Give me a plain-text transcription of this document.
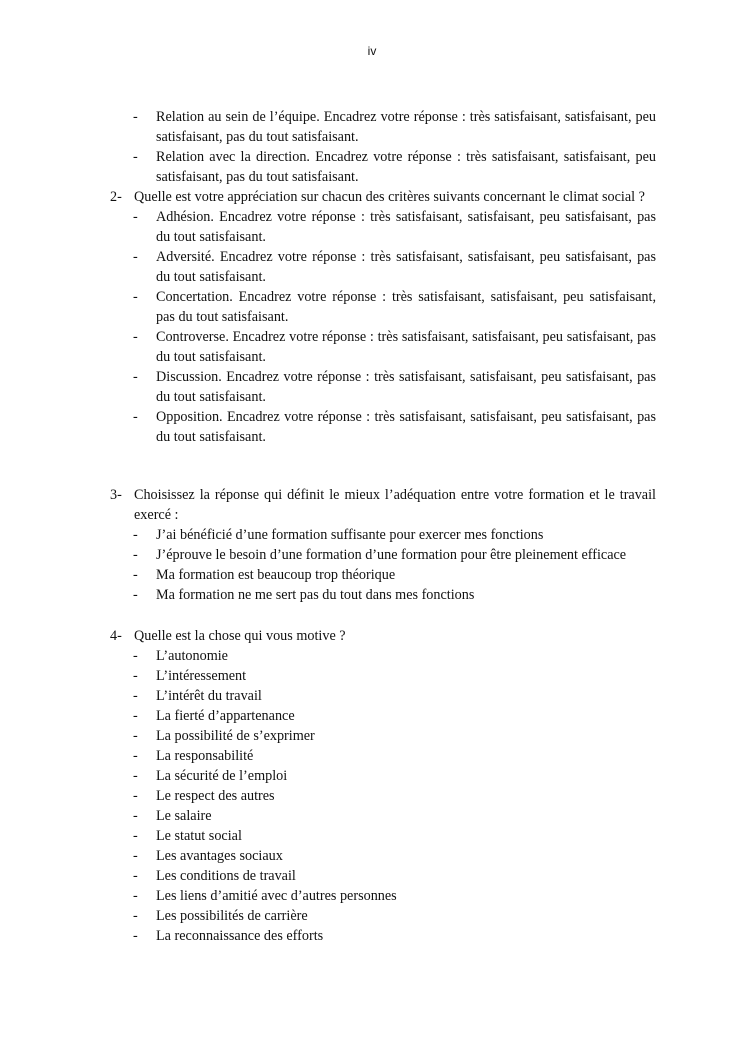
iv
- Relation au sein de l’équipe. Encadrez votre réponse : très satisfaisant, satisfaisant, peu satisfaisant, pas du tout satisfaisant.
- Relation avec la direction. Encadrez votre réponse : très satisfaisant, satisfaisant, peu satisfaisant, pas du tout satisfaisant.
2- Quelle est votre appréciation sur chacun des critères suivants concernant le climat social ?
- Adhésion. Encadrez votre réponse : très satisfaisant, satisfaisant, peu satisfaisant, pas du tout satisfaisant.
- Adversité. Encadrez votre réponse : très satisfaisant, satisfaisant, peu satisfaisant, pas du tout satisfaisant.
- Concertation. Encadrez votre réponse : très satisfaisant, satisfaisant, peu satisfaisant, pas du tout satisfaisant.
- Controverse. Encadrez votre réponse : très satisfaisant, satisfaisant, peu satisfaisant, pas du tout satisfaisant.
- Discussion. Encadrez votre réponse : très satisfaisant, satisfaisant, peu satisfaisant, pas du tout satisfaisant.
- Opposition. Encadrez votre réponse : très satisfaisant, satisfaisant, peu satisfaisant, pas du tout satisfaisant.
3- Choisissez la réponse qui définit le mieux l’adéquation entre votre formation et le travail exercé :
- J’ai bénéficié d’une formation suffisante pour exercer mes fonctions
- J’éprouve le besoin d’une formation d’une formation pour être pleinement efficace
- Ma formation est beaucoup trop théorique
- Ma formation ne me sert pas du tout dans mes fonctions
4- Quelle est la chose qui vous motive ?
- L’autonomie
- L’intéressement
- L’intérêt du travail
- La fierté d’appartenance
- La possibilité de s’exprimer
- La responsabilité
- La sécurité de l’emploi
- Le respect des autres
- Le salaire
- Le statut social
- Les avantages sociaux
- Les conditions de travail
- Les liens d’amitié avec d’autres personnes
- Les possibilités de carrière
- La reconnaissance des efforts
